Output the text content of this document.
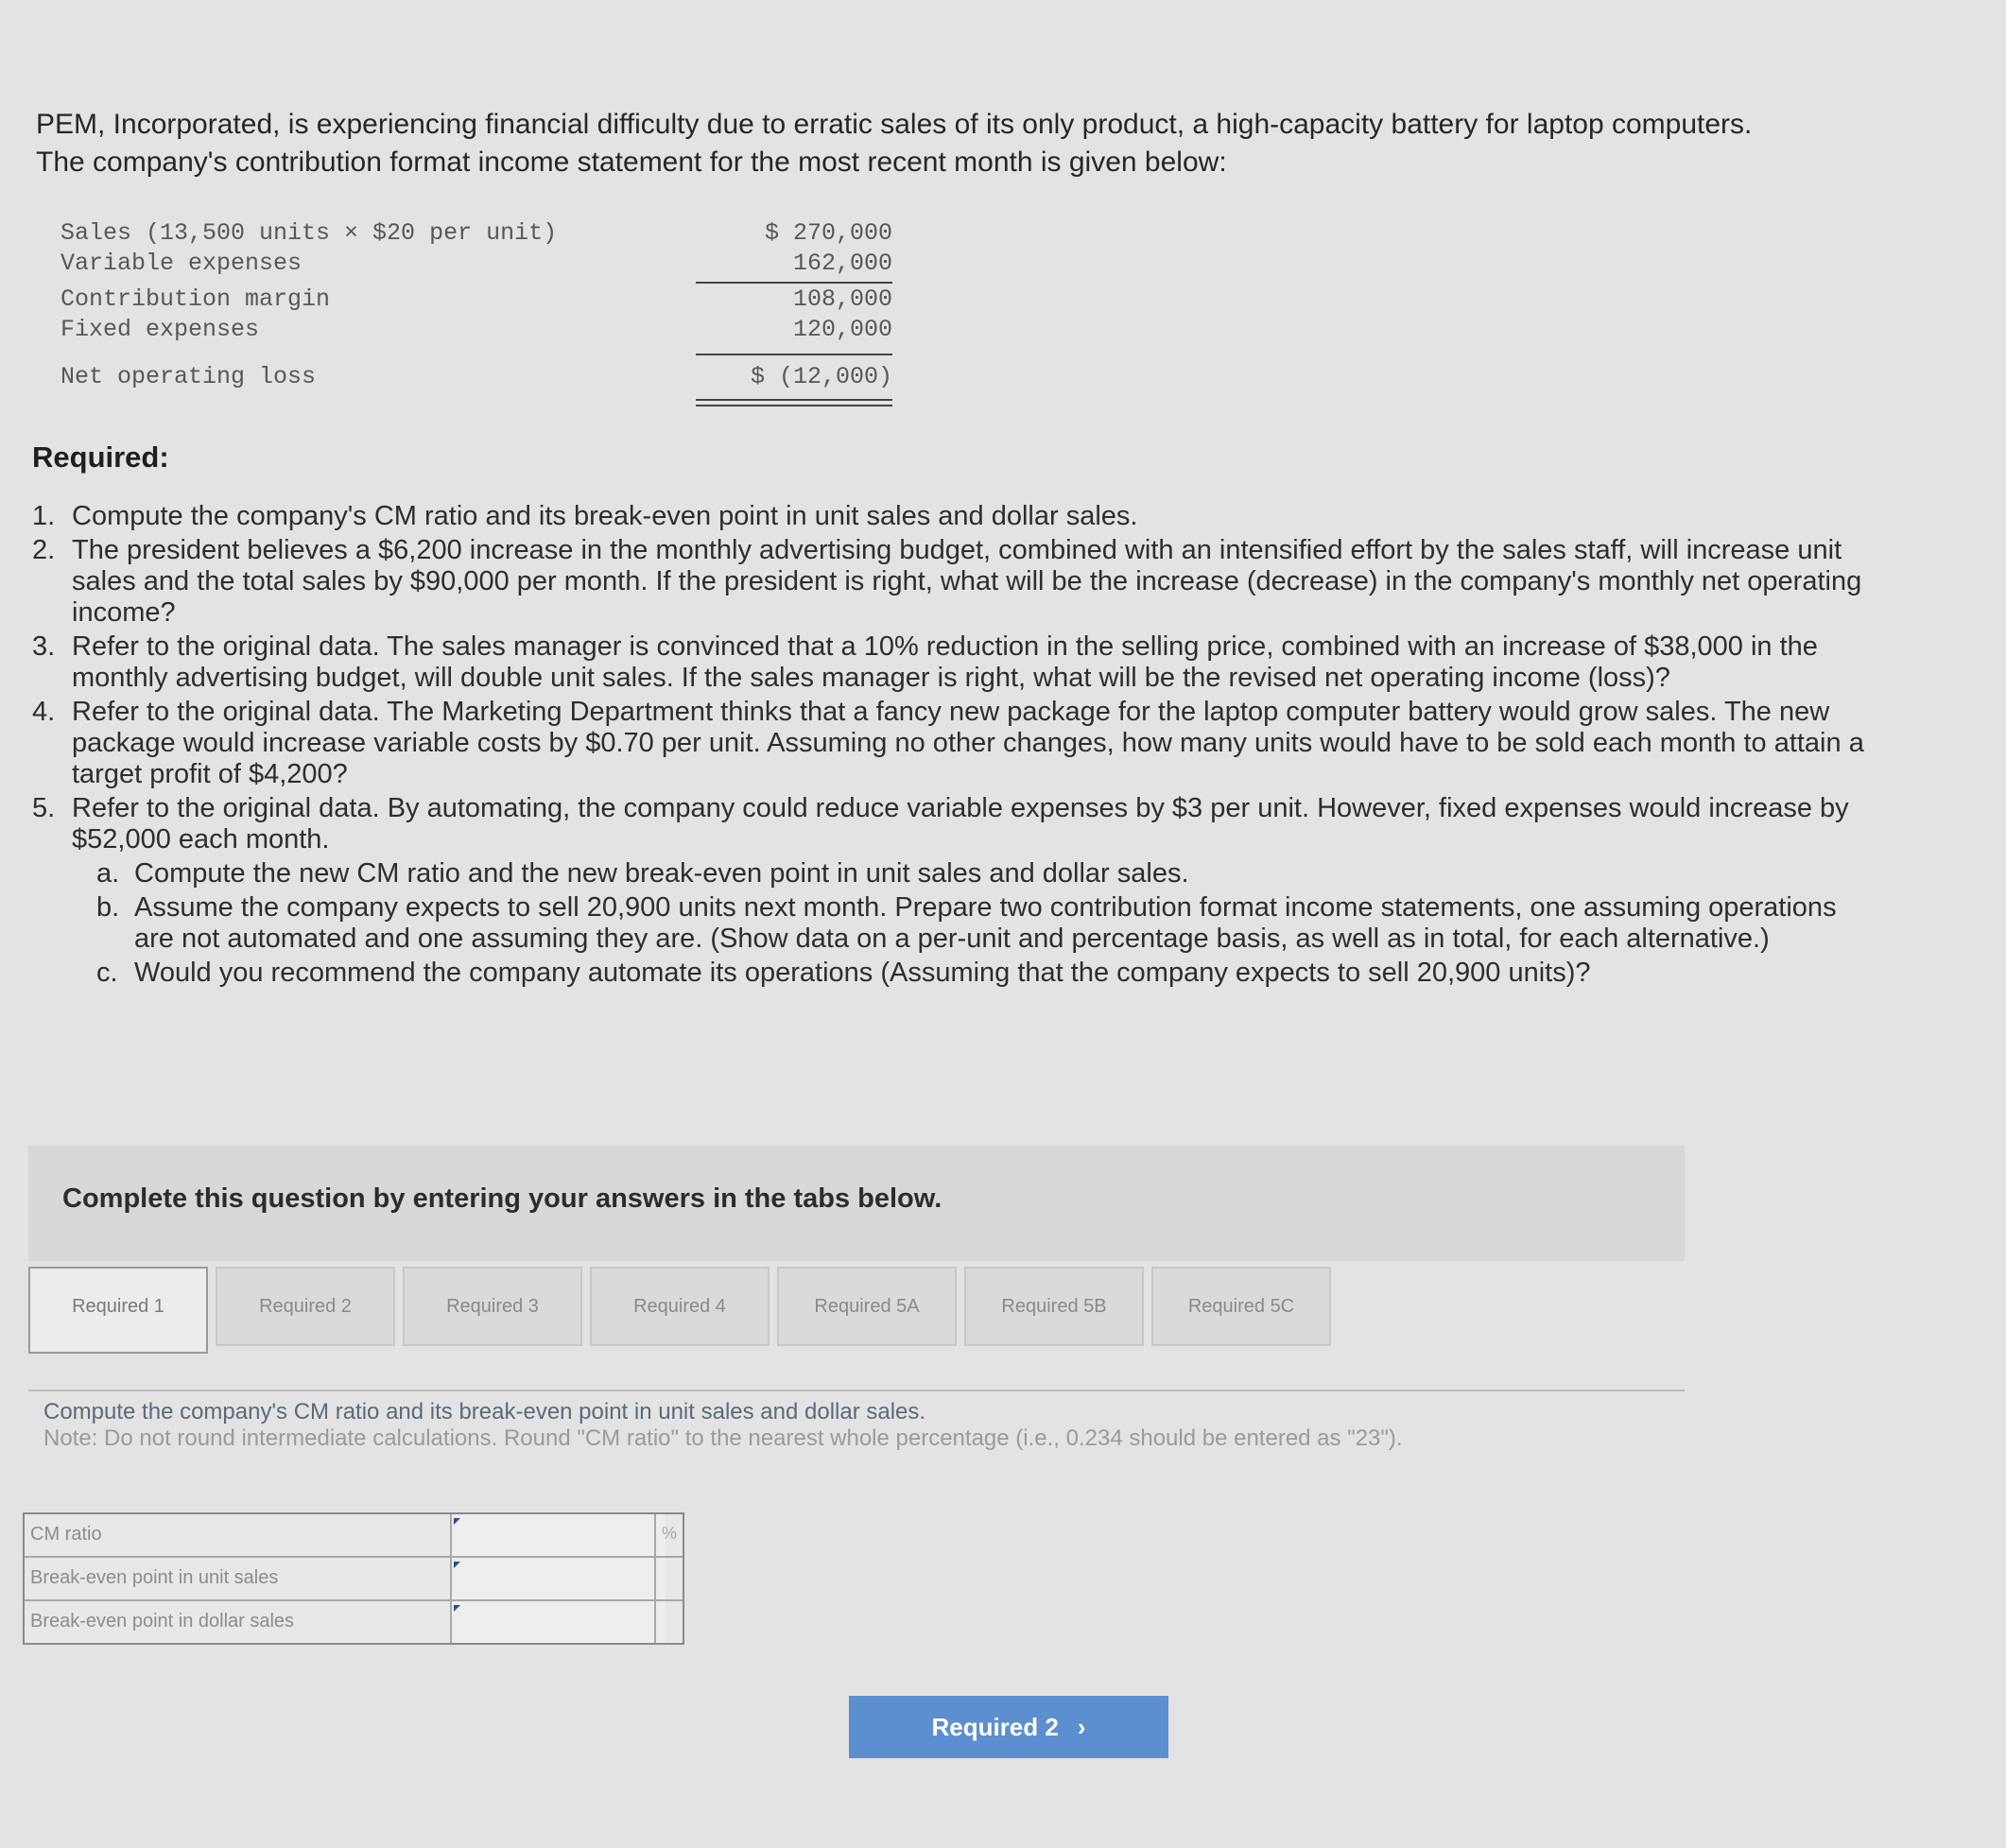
PEM, Incorporated, is experiencing financial difficulty due to erratic sales of its only product, a high-capacity battery for laptop computers. The company's contribution format income statement for the most recent month is given below:
Sales (13,500 units × $20 per unit)	$ 270,000
Variable expenses	162,000
Contribution margin	108,000
Fixed expenses	120,000
Net operating loss	$ (12,000)
Required:
1. Compute the company's CM ratio and its break-even point in unit sales and dollar sales.
2. The president believes a $6,200 increase in the monthly advertising budget, combined with an intensified effort by the sales staff, will increase unit sales and the total sales by $90,000 per month. If the president is right, what will be the increase (decrease) in the company's monthly net operating income?
3. Refer to the original data. The sales manager is convinced that a 10% reduction in the selling price, combined with an increase of $38,000 in the monthly advertising budget, will double unit sales. If the sales manager is right, what will be the revised net operating income (loss)?
4. Refer to the original data. The Marketing Department thinks that a fancy new package for the laptop computer battery would grow sales. The new package would increase variable costs by $0.70 per unit. Assuming no other changes, how many units would have to be sold each month to attain a target profit of $4,200?
5. Refer to the original data. By automating, the company could reduce variable expenses by $3 per unit. However, fixed expenses would increase by $52,000 each month.
a. Compute the new CM ratio and the new break-even point in unit sales and dollar sales.
b. Assume the company expects to sell 20,900 units next month. Prepare two contribution format income statements, one assuming operations are not automated and one assuming they are. (Show data on a per-unit and percentage basis, as well as in total, for each alternative.)
c. Would you recommend the company automate its operations (Assuming that the company expects to sell 20,900 units)?
Complete this question by entering your answers in the tabs below.
Required 1	Required 2	Required 3	Required 4	Required 5A	Required 5B	Required 5C
Compute the company's CM ratio and its break-even point in unit sales and dollar sales.
Note: Do not round intermediate calculations. Round "CM ratio" to the nearest whole percentage (i.e., 0.234 should be entered as "23").
CM ratio	%
Break-even point in unit sales
Break-even point in dollar sales
Required 2 ›
